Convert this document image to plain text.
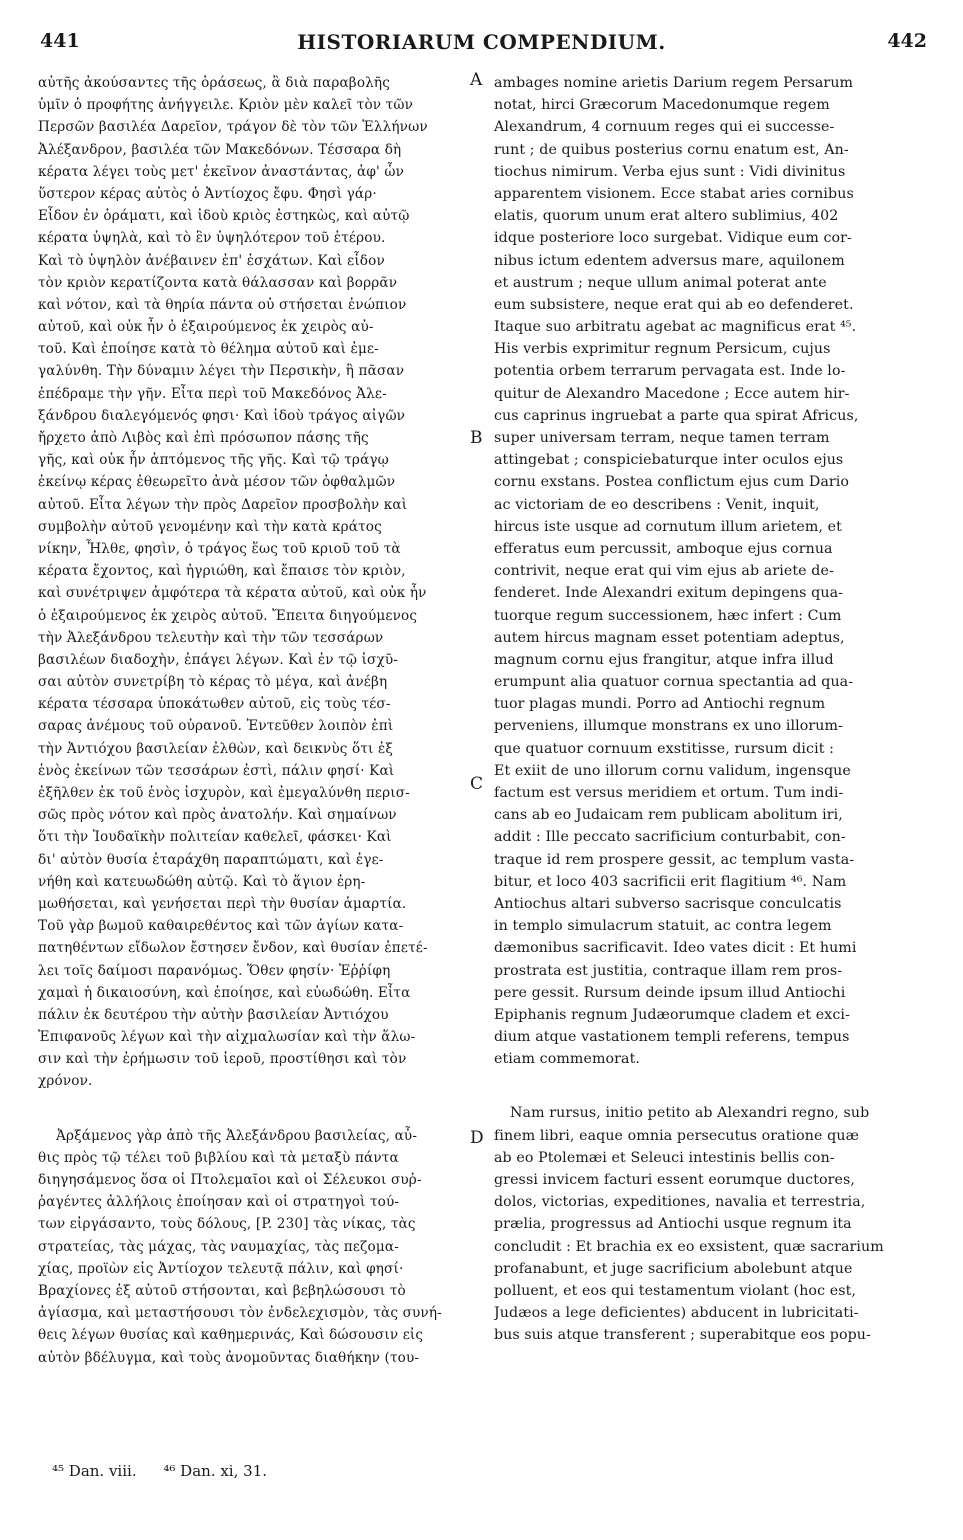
441	HISTORIARUM COMPENDIUM.	442
A
B
C
D
αὐτῆς ἀκούσαντες τῆς ὁράσεως, ἃ διὰ παραβολῆς
ὑμῖν ὁ προφήτης ἀνήγγειλε. Κριὸν μὲν καλεῖ τὸν τῶν
Περσῶν βασιλέα Δαρεῖον, τράγον δὲ τὸν τῶν Ἑλλήνων
Ἀλέξανδρον, βασιλέα τῶν Μακεδόνων. Τέσσαρα δὴ
κέρατα λέγει τοὺς μετ' ἐκεῖνον ἀναστάντας, ἀφ' ὧν
ὕστερον κέρας αὐτὸς ὁ Ἀντίοχος ἔφυ. Φησὶ γάρ·
Εἶδον ἐν ὁράματι, καὶ ἰδοὺ κριὸς ἑστηκὼς, καὶ αὐτῷ
κέρατα ὑψηλὰ, καὶ τὸ ἓν ὑψηλότερον τοῦ ἑτέρου.
Καὶ τὸ ὑψηλὸν ἀνέβαινεν ἐπ' ἐσχάτων. Καὶ εἶδον
τὸν κριὸν κερατίζοντα κατὰ θάλασσαν καὶ βορρᾶν
καὶ νότον, καὶ τὰ θηρία πάντα οὐ στήσεται ἐνώπιον
αὐτοῦ, καὶ οὐκ ἦν ὁ ἐξαιρούμενος ἐκ χειρὸς αὐ-
τοῦ. Καὶ ἐποίησε κατὰ τὸ θέλημα αὐτοῦ καὶ ἐμε-
γαλύνθη. Τὴν δύναμιν λέγει τὴν Περσικὴν, ἣ πᾶσαν
ἐπέδραμε τὴν γῆν. Εἶτα περὶ τοῦ Μακεδόνος Ἀλε-
ξάνδρου διαλεγόμενός φησι· Καὶ ἰδοὺ τράγος αἰγῶν
ἤρχετο ἀπὸ Λιβὸς καὶ ἐπὶ πρόσωπον πάσης τῆς
γῆς, καὶ οὐκ ἦν ἁπτόμενος τῆς γῆς. Καὶ τῷ τράγῳ
ἐκείνῳ κέρας ἐθεωρεῖτο ἀνὰ μέσον τῶν ὀφθαλμῶν
αὐτοῦ. Εἶτα λέγων τὴν πρὸς Δαρεῖον προσβολὴν καὶ
συμβολὴν αὐτοῦ γενομένην καὶ τὴν κατὰ κράτος
νίκην, Ἦλθε, φησὶν, ὁ τράγος ἕως τοῦ κριοῦ τοῦ τὰ
κέρατα ἔχοντος, καὶ ἠγριώθη, καὶ ἔπαισε τὸν κριὸν,
καὶ συνέτριψεν ἀμφότερα τὰ κέρατα αὐτοῦ, καὶ οὐκ ἦν
ὁ ἐξαιρούμενος ἐκ χειρὸς αὐτοῦ. Ἔπειτα διηγούμενος
τὴν Ἀλεξάνδρου τελευτὴν καὶ τὴν τῶν τεσσάρων
βασιλέων διαδοχὴν, ἐπάγει λέγων. Καὶ ἐν τῷ ἰσχῦ-
σαι αὐτὸν συνετρίβη τὸ κέρας τὸ μέγα, καὶ ἀνέβη
κέρατα τέσσαρα ὑποκάτωθεν αὐτοῦ, εἰς τοὺς τέσ-
σαρας ἀνέμους τοῦ οὐρανοῦ. Ἐντεῦθεν λοιπὸν ἐπὶ
τὴν Ἀντιόχου βασιλείαν ἐλθὼν, καὶ δεικνὺς ὅτι ἐξ
ἑνὸς ἐκείνων τῶν τεσσάρων ἐστὶ, πάλιν φησί· Καὶ
ἐξῆλθεν ἐκ τοῦ ἑνὸς ἰσχυρὸν, καὶ ἐμεγαλύνθη περισ-
σῶς πρὸς νότον καὶ πρὸς ἀνατολήν. Καὶ σημαίνων
ὅτι τὴν Ἰουδαϊκὴν πολιτείαν καθελεῖ, φάσκει· Καὶ
δι' αὐτὸν θυσία ἐταράχθη παραπτώματι, καὶ ἐγε-
νήθη καὶ κατευωδώθη αὐτῷ. Καὶ τὸ ἅγιον ἐρη-
μωθήσεται, καὶ γενήσεται περὶ τὴν θυσίαν ἁμαρτία.
Τοῦ γὰρ βωμοῦ καθαιρεθέντος καὶ τῶν ἁγίων κατα-
πατηθέντων εἴδωλον ἔστησεν ἔνδον, καὶ θυσίαν ἐπετέ-
λει τοῖς δαίμοσι παρανόμως. Ὅθεν φησίν· Ἐῤῥίφη
χαμαὶ ἡ δικαιοσύνη, καὶ ἐποίησε, καὶ εὐωδώθη. Εἶτα
πάλιν ἐκ δευτέρου τὴν αὐτὴν βασιλείαν Ἀντιόχου
Ἐπιφανοῦς λέγων καὶ τὴν αἰχμαλωσίαν καὶ τὴν ἅλω-
σιν καὶ τὴν ἐρήμωσιν τοῦ ἱεροῦ, προστίθησι καὶ τὸν
χρόνον.
Ἀρξάμενος γὰρ ἀπὸ τῆς Ἀλεξάνδρου βασιλείας, αὖ-
θις πρὸς τῷ τέλει τοῦ βιβλίου καὶ τὰ μεταξὺ πάντα
διηγησάμενος ὅσα οἱ Πτολεμαῖοι καὶ οἱ Σέλευκοι συῤ-
ῥαγέντες ἀλλήλοις ἐποίησαν καὶ οἱ στρατηγοὶ τού-
των εἰργάσαντο, τοὺς δόλους, [P. 230] τὰς νίκας, τὰς
στρατείας, τὰς μάχας, τὰς ναυμαχίας, τὰς πεζομα-
χίας, προϊὼν εἰς Ἀντίοχον τελευτᾷ πάλιν, καὶ φησί·
Βραχίονες ἐξ αὐτοῦ στήσονται, καὶ βεβηλώσουσι τὸ
ἁγίασμα, καὶ μεταστήσουσι τὸν ἐνδελεχισμὸν, τὰς συνή-
θεις λέγων θυσίας καὶ καθημερινάς, Καὶ δώσουσιν εἰς
αὐτὸν βδέλυγμα, καὶ τοὺς ἀνομοῦντας διαθήκην (του-
ambages nomine arietis Darium regem Persarum
notat, hirci Græcorum Macedonumque regem
Alexandrum, 4 cornuum reges qui ei successe-
runt ; de quibus posterius cornu enatum est, An-
tiochus nimirum. Verba ejus sunt : Vidi divinitus
apparentem visionem. Ecce stabat aries cornibus
elatis, quorum unum erat altero sublimius, 402
idque posteriore loco surgebat. Vidique eum cor-
nibus ictum edentem adversus mare, aquilonem
et austrum ; neque ullum animal poterat ante
eum subsistere, neque erat qui ab eo defenderet.
Itaque suo arbitratu agebat ac magnificus erat ⁴⁵.
His verbis exprimitur regnum Persicum, cujus
potentia orbem terrarum pervagata est. Inde lo-
quitur de Alexandro Macedone ; Ecce autem hir-
cus caprinus ingruebat a parte qua spirat Africus,
super universam terram, neque tamen terram
attingebat ; conspiciebaturque inter oculos ejus
cornu exstans. Postea conflictum ejus cum Dario
ac victoriam de eo describens : Venit, inquit,
hircus iste usque ad cornutum illum arietem, et
efferatus eum percussit, amboque ejus cornua
contrivit, neque erat qui vim ejus ab ariete de-
fenderet. Inde Alexandri exitum depingens qua-
tuorque regum successionem, hæc infert : Cum
autem hircus magnam esset potentiam adeptus,
magnum cornu ejus frangitur, atque infra illud
erumpunt alia quatuor cornua spectantia ad qua-
tuor plagas mundi. Porro ad Antiochi regnum
perveniens, illumque monstrans ex uno illorum-
que quatuor cornuum exstitisse, rursum dicit :
Et exiit de uno illorum cornu validum, ingensque
factum est versus meridiem et ortum. Tum indi-
cans ab eo Judaicam rem publicam abolitum iri,
addit : Ille peccato sacrificium conturbabit, con-
traque id rem prospere gessit, ac templum vasta-
bitur, et loco 403 sacrificii erit flagitium ⁴⁶. Nam
Antiochus altari subverso sacrisque conculcatis
in templo simulacrum statuit, ac contra legem
dæmonibus sacrificavit. Ideo vates dicit : Et humi
prostrata est justitia, contraque illam rem pros-
pere gessit. Rursum deinde ipsum illud Antiochi
Epiphanis regnum Judæorumque cladem et exci-
dium atque vastationem templi referens, tempus
etiam commemorat.
Nam rursus, initio petito ab Alexandri regno, sub
finem libri, eaque omnia persecutus oratione quæ
ab eo Ptolemæi et Seleuci intestinis bellis con-
gressi invicem facturi essent eorumque ductores,
dolos, victorias, expeditiones, navalia et terrestria,
prælia, progressus ad Antiochi usque regnum ita
concludit : Et brachia ex eo exsistent, quæ sacrarium
profanabunt, et juge sacrificium abolebunt atque
polluent, et eos qui testamentum violant (hoc est,
Judæos a lege deficientes) abducent in lubricitati-
bus suis atque transferent ; superabitque eos popu-
⁴⁵ Dan. viii. ⁴⁶ Dan. xi, 31.
